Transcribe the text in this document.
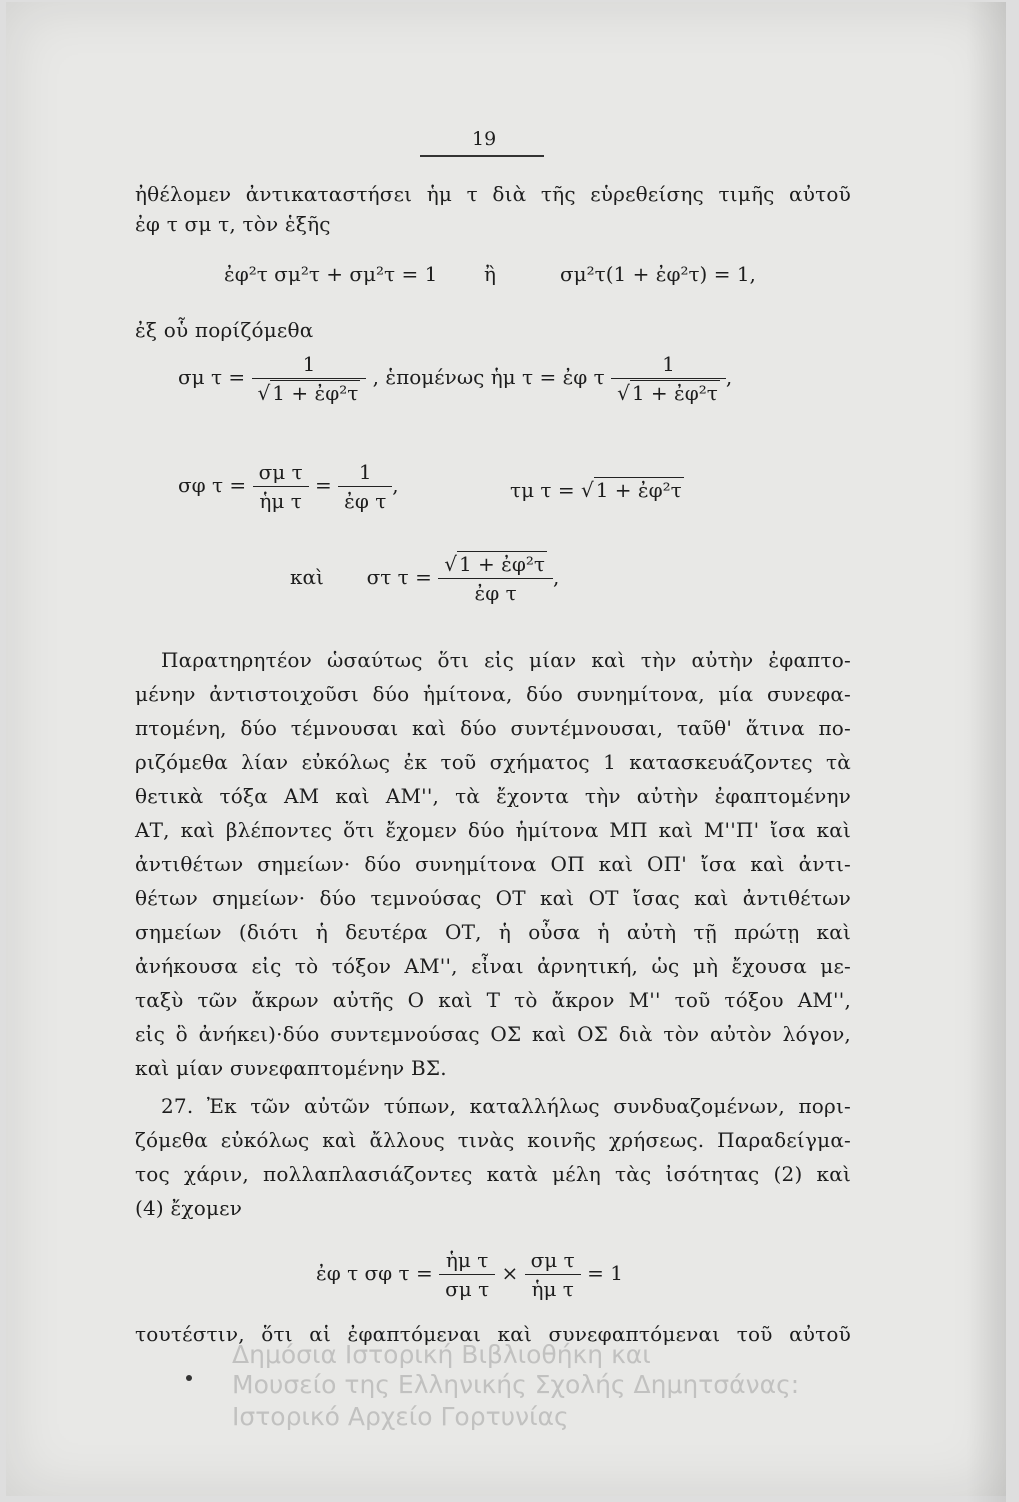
19
ἠθέλομεν ἀντικαταστήσει ἡμ τ διὰ τῆς εὑρεθείσης τιμῆς αὐτοῦ
ἐφ τ σμ τ, τὸν ἑξῆς
ἐφ²τ σμ²τ + σμ²τ = 1 ἢ	σμ²τ(1 + ἐφ²τ) = 1,
ἐξ οὗ πορίζόμεθα
σμ $\tau = \frac{1}{\text{√ 1 + ἐφ²τ}}$ , ἑπομένως ἡμ τ = ἐφ τ $\frac{1}{\text{√ 1 + ἐφ²τ}}$ ,
σφ $\tau = \frac{\text{σμ τ}}{\text{ἡμ τ}} = \frac{1}{\text{ἐφ τ}}$ ,	τμ τ = √ 1 + ἐφ²τ
καὶ στ $\tau = \frac{\text{√ 1 + ἐφ²τ}}{\text{ἐφ τ}}$ ,
Παρατηρητέον ὡσαύτως ὅτι εἰς μίαν καὶ τὴν αὐτὴν ἐφαπτο-
μένην ἀντιστοιχοῦσι δύο ἡμίτονα, δύο συνημίτονα, μία συνεφα-
πτομένη, δύο τέμνουσαι καὶ δύο συντέμνουσαι, ταῦθ' ἅτινα πο-
ριζόμεθα λίαν εὐκόλως ἐκ τοῦ σχήματος 1 κατασκευάζοντες τὰ
θετικὰ τόξα ΑΜ καὶ ΑΜ'', τὰ ἔχοντα τὴν αὐτὴν ἐφαπτομένην
ΑΤ, καὶ βλέποντες ὅτι ἔχομεν δύο ἡμίτονα ΜΠ καὶ Μ''Π' ἴσα καὶ
ἀντιθέτων σημείων· δύο συνημίτονα ΟΠ καὶ ΟΠ' ἴσα καὶ ἀντι-
θέτων σημείων· δύο τεμνούσας ΟΤ καὶ ΟΤ ἴσας καὶ ἀντιθέτων
σημείων (διότι ἡ δευτέρα ΟΤ, ἡ οὖσα ἡ αὐτὴ τῇ πρώτῃ καὶ
ἀνήκουσα εἰς τὸ τόξον ΑΜ'', εἶναι ἀρνητική, ὡς μὴ ἔχουσα με-
ταξὺ τῶν ἄκρων αὐτῆς Ο καὶ Τ τὸ ἄκρον Μ'' τοῦ τόξου ΑΜ'',
εἰς ὃ ἀνήκει)·δύο συντεμνούσας ΟΣ καὶ ΟΣ διὰ τὸν αὐτὸν λόγον,
καὶ μίαν συνεφαπτομένην ΒΣ.
27. Ἐκ τῶν αὐτῶν τύπων, καταλλήλως συνδυαζομένων, πορι-
ζόμεθα εὐκόλως καὶ ἄλλους τινὰς κοινῆς χρήσεως. Παραδείγμα-
τος χάριν, πολλαπλασιάζοντες κατὰ μέλη τὰς ἰσότητας (2) καὶ
(4) ἔχομεν
ἐφ τ σφ $\tau = \frac{\text{ἡμ τ}}{\text{σμ τ}} \times \frac{\text{σμ τ}}{\text{ἡμ τ}} = 1$
τουτέστιν, ὅτι αἱ ἐφαπτόμεναι καὶ συνεφαπτόμεναι τοῦ αὐτοῦ
Δημόσια Ιστορική Βιβλιοθήκη και
Μουσείο της Ελληνικής Σχολής Δημητσάνας:
Ιστορικό Αρχείο Γορτυνίας
